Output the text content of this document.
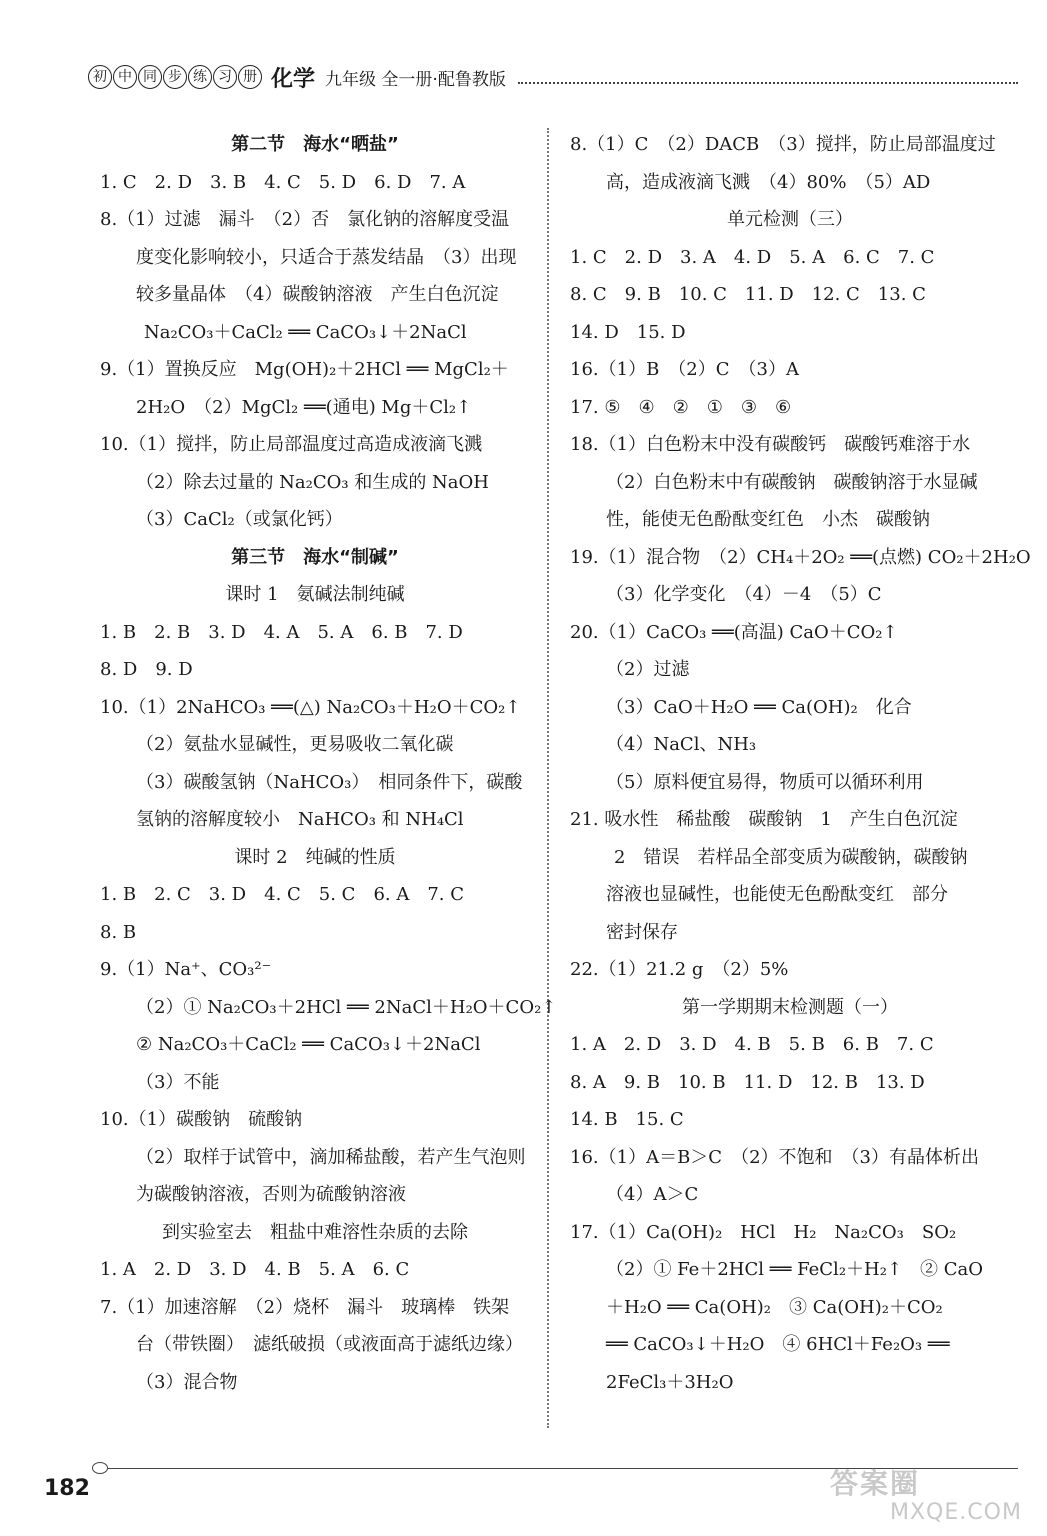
初 中 同 步 练 习 册 化学 九年级 全一册·配鲁教版
第二节　海水“晒盐”
1. C　2. D　3. B　4. C　5. D　6. D　7. A
8.（1）过滤　漏斗　（2）否　氯化钠的溶解度受温
度变化影响较小，只适合于蒸发结晶　（3）出现
较多量晶体　（4）碳酸钠溶液　产生白色沉淀
Na₂CO₃＋CaCl₂ ══ CaCO₃↓＋2NaCl
9.（1）置换反应　Mg(OH)₂＋2HCl ══ MgCl₂＋
2H₂O　（2）MgCl₂ ══(通电) Mg＋Cl₂↑
10.（1）搅拌，防止局部温度过高造成液滴飞溅
（2）除去过量的 Na₂CO₃ 和生成的 NaOH
（3）CaCl₂（或氯化钙）
第三节　海水“制碱”
课时 1　氨碱法制纯碱
1. B　2. B　3. D　4. A　5. A　6. B　7. D
8. D　9. D
10.（1）2NaHCO₃ ══(△) Na₂CO₃＋H₂O＋CO₂↑
（2）氨盐水显碱性，更易吸收二氧化碳
（3）碳酸氢钠（NaHCO₃）　相同条件下，碳酸
氢钠的溶解度较小　NaHCO₃ 和 NH₄Cl
课时 2　纯碱的性质
1. B　2. C　3. D　4. C　5. C　6. A　7. C
8. B
9.（1）Na⁺、CO₃²⁻
（2）① Na₂CO₃＋2HCl ══ 2NaCl＋H₂O＋CO₂↑
② Na₂CO₃＋CaCl₂ ══ CaCO₃↓＋2NaCl
（3）不能
10.（1）碳酸钠　硫酸钠
（2）取样于试管中，滴加稀盐酸，若产生气泡则
为碳酸钠溶液，否则为硫酸钠溶液
到实验室去　粗盐中难溶性杂质的去除
1. A　2. D　3. D　4. B　5. A　6. C
7.（1）加速溶解　（2）烧杯　漏斗　玻璃棒　铁架
台（带铁圈）　滤纸破损（或液面高于滤纸边缘）
（3）混合物
8.（1）C　（2）DACB　（3）搅拌，防止局部温度过
高，造成液滴飞溅　（4）80%　（5）AD
单元检测（三）
1. C　2. D　3. A　4. D　5. A　6. C　7. C
8. C　9. B　10. C　11. D　12. C　13. C
14. D　15. D
16.（1）B　（2）C　（3）A
17. ⑤　④　②　①　③　⑥
18.（1）白色粉末中没有碳酸钙　碳酸钙难溶于水
（2）白色粉末中有碳酸钠　碳酸钠溶于水显碱
性，能使无色酚酞变红色　小杰　碳酸钠
19.（1）混合物　（2）CH₄＋2O₂ ══(点燃) CO₂＋2H₂O
（3）化学变化　（4）－4　（5）C
20.（1）CaCO₃ ══(高温) CaO＋CO₂↑
（2）过滤
（3）CaO＋H₂O ══ Ca(OH)₂　化合
（4）NaCl、NH₃
（5）原料便宜易得，物质可以循环利用
21. 吸水性　稀盐酸　碳酸钠　1　产生白色沉淀
2　错误　若样品全部变质为碳酸钠，碳酸钠
溶液也显碱性，也能使无色酚酞变红　部分
密封保存
22.（1）21.2 g　（2）5%
第一学期期末检测题（一）
1. A　2. D　3. D　4. B　5. B　6. B　7. C
8. A　9. B　10. B　11. D　12. B　13. D
14. B　15. C
16.（1）A＝B＞C　（2）不饱和　（3）有晶体析出
（4）A＞C
17.（1）Ca(OH)₂　HCl　H₂　Na₂CO₃　SO₂
（2）① Fe＋2HCl ══ FeCl₂＋H₂↑　② CaO
＋H₂O ══ Ca(OH)₂　③ Ca(OH)₂＋CO₂
══ CaCO₃↓＋H₂O　④ 6HCl＋Fe₂O₃ ══
2FeCl₃＋3H₂O
182	答案圈
MXQE.COM
